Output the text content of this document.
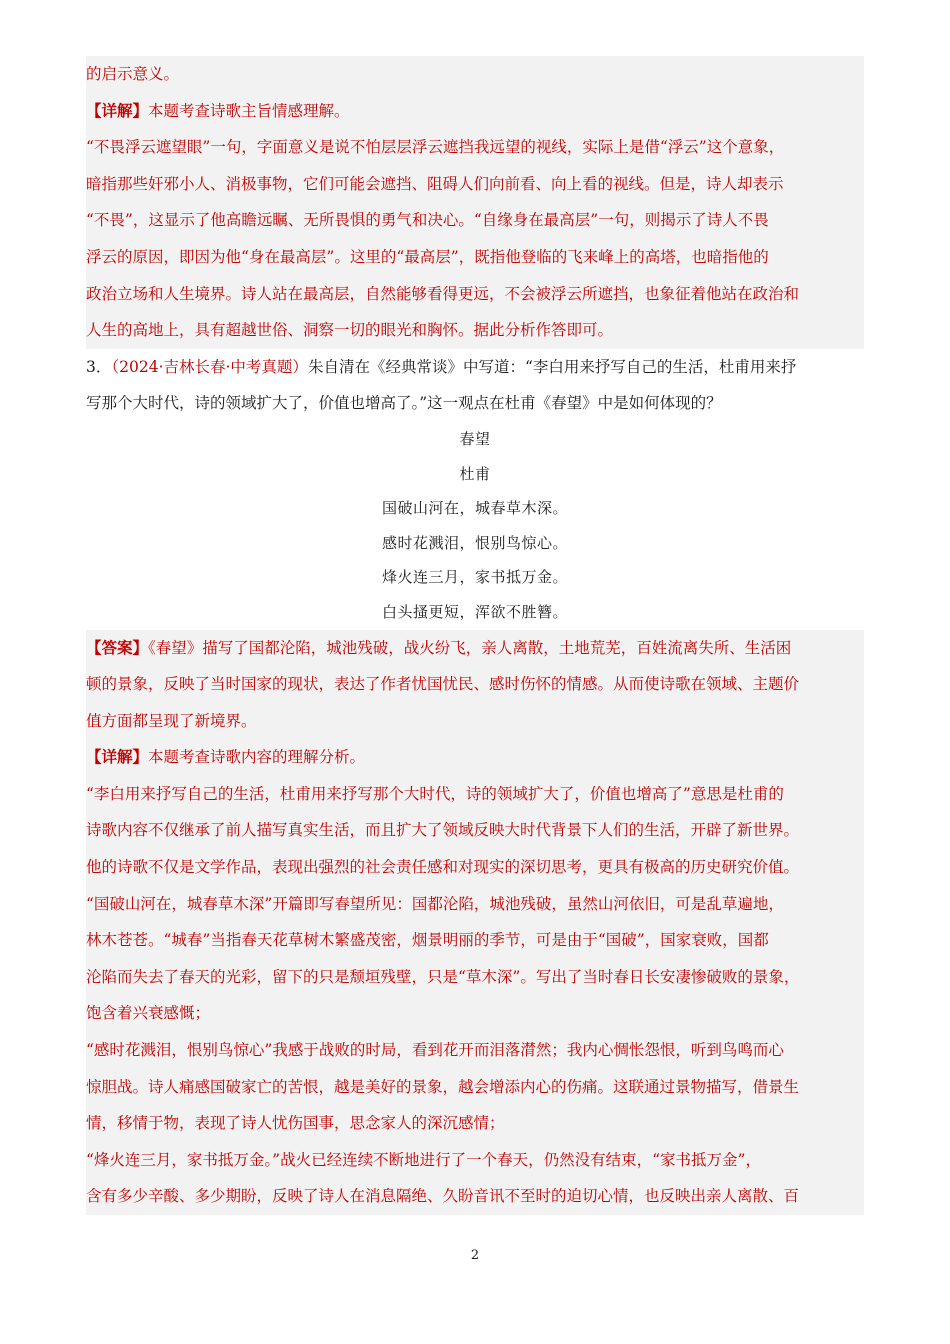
的启示意义。
【详解】本题考查诗歌主旨情感理解。
“不畏浮云遮望眼”一句，字面意义是说不怕层层浮云遮挡我远望的视线，实际上是借“浮云”这个意象，
暗指那些奸邪小人、消极事物，它们可能会遮挡、阻碍人们向前看、向上看的视线。但是，诗人却表示
“不畏”，这显示了他高瞻远瞩、无所畏惧的勇气和决心。“自缘身在最高层”一句，则揭示了诗人不畏
浮云的原因，即因为他“身在最高层”。这里的“最高层”，既指他登临的飞来峰上的高塔，也暗指他的
政治立场和人生境界。诗人站在最高层，自然能够看得更远，不会被浮云所遮挡，也象征着他站在政治和
人生的高地上，具有超越世俗、洞察一切的眼光和胸怀。据此分析作答即可。
3．（2024·吉林长春·中考真题）朱自清在《经典常谈》中写道：“李白用来抒写自己的生活，杜甫用来抒
写那个大时代，诗的领域扩大了，价值也增高了。”这一观点在杜甫《春望》中是如何体现的？
春望
杜甫
国破山河在，城春草木深。
感时花溅泪，恨别鸟惊心。
烽火连三月，家书抵万金。
白头搔更短，浑欲不胜簪。
【答案】《春望》描写了国都沦陷，城池残破，战火纷飞，亲人离散，土地荒芜，百姓流离失所、生活困
顿的景象，反映了当时国家的现状，表达了作者忧国忧民、感时伤怀的情感。从而使诗歌在领域、主题价
值方面都呈现了新境界。
【详解】本题考查诗歌内容的理解分析。
“李白用来抒写自己的生活，杜甫用来抒写那个大时代，诗的领域扩大了，价值也增高了”意思是杜甫的
诗歌内容不仅继承了前人描写真实生活，而且扩大了领域反映大时代背景下人们的生活，开辟了新世界。
他的诗歌不仅是文学作品，表现出强烈的社会责任感和对现实的深切思考，更具有极高的历史研究价值。
“国破山河在，城春草木深”开篇即写春望所见：国都沦陷，城池残破，虽然山河依旧，可是乱草遍地，
林木苍苍。“城春”当指春天花草树木繁盛茂密，烟景明丽的季节，可是由于“国破”，国家衰败，国都
沦陷而失去了春天的光彩，留下的只是颓垣残壁，只是“草木深”。写出了当时春日长安凄惨破败的景象，
饱含着兴衰感慨；
“感时花溅泪，恨别鸟惊心”我感于战败的时局，看到花开而泪落潸然；我内心惆怅怨恨，听到鸟鸣而心
惊胆战。诗人痛感国破家亡的苦恨，越是美好的景象，越会增添内心的伤痛。这联通过景物描写，借景生
情，移情于物，表现了诗人忧伤国事，思念家人的深沉感情；
“烽火连三月，家书抵万金。”战火已经连续不断地进行了一个春天，仍然没有结束，“家书抵万金”，
含有多少辛酸、多少期盼，反映了诗人在消息隔绝、久盼音讯不至时的迫切心情，也反映出亲人离散、百
2
